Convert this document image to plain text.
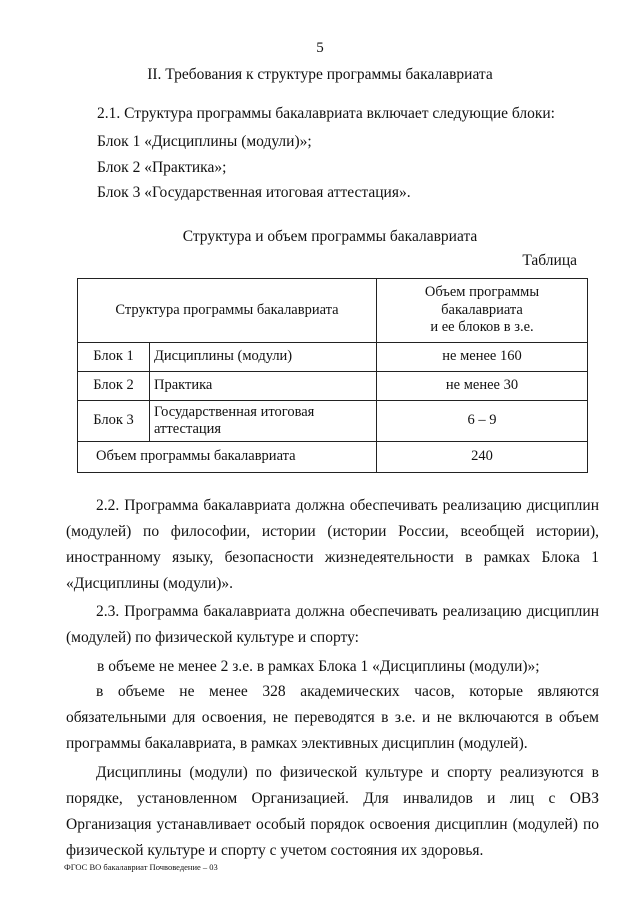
5
II. Требования к структуре программы бакалавриата
2.1. Структура программы бакалавриата включает следующие блоки:
Блок 1 «Дисциплины (модули)»;
Блок 2 «Практика»;
Блок 3 «Государственная итоговая аттестация».
Структура и объем программы бакалавриата
Таблица
Структура программы бакалавриата		Объем программы
бакалавриата
и ее блоков в з.е.
Блок 1	Дисциплины (модули)	не менее 160
Блок 2	Практика	не менее 30
Блок 3	Государственная итоговая аттестация	6 – 9
Объем программы бакалавриата		240
2.2. Программа бакалавриата должна обеспечивать реализацию дисциплин (модулей) по философии, истории (истории России, всеобщей истории), иностранному языку, безопасности жизнедеятельности в рамках Блока 1 «Дисциплины (модули)».
2.3. Программа бакалавриата должна обеспечивать реализацию дисциплин (модулей) по физической культуре и спорту:
в объеме не менее 2 з.е. в рамках Блока 1 «Дисциплины (модули)»;
в объеме не менее 328 академических часов, которые являются обязательными для освоения, не переводятся в з.е. и не включаются в объем программы бакалавриата, в рамках элективных дисциплин (модулей).
Дисциплины (модули) по физической культуре и спорту реализуются в порядке, установленном Организацией. Для инвалидов и лиц с ОВЗ Организация устанавливает особый порядок освоения дисциплин (модулей) по физической культуре и спорту с учетом состояния их здоровья.
ФГОС ВО бакалавриат Почвоведение – 03
